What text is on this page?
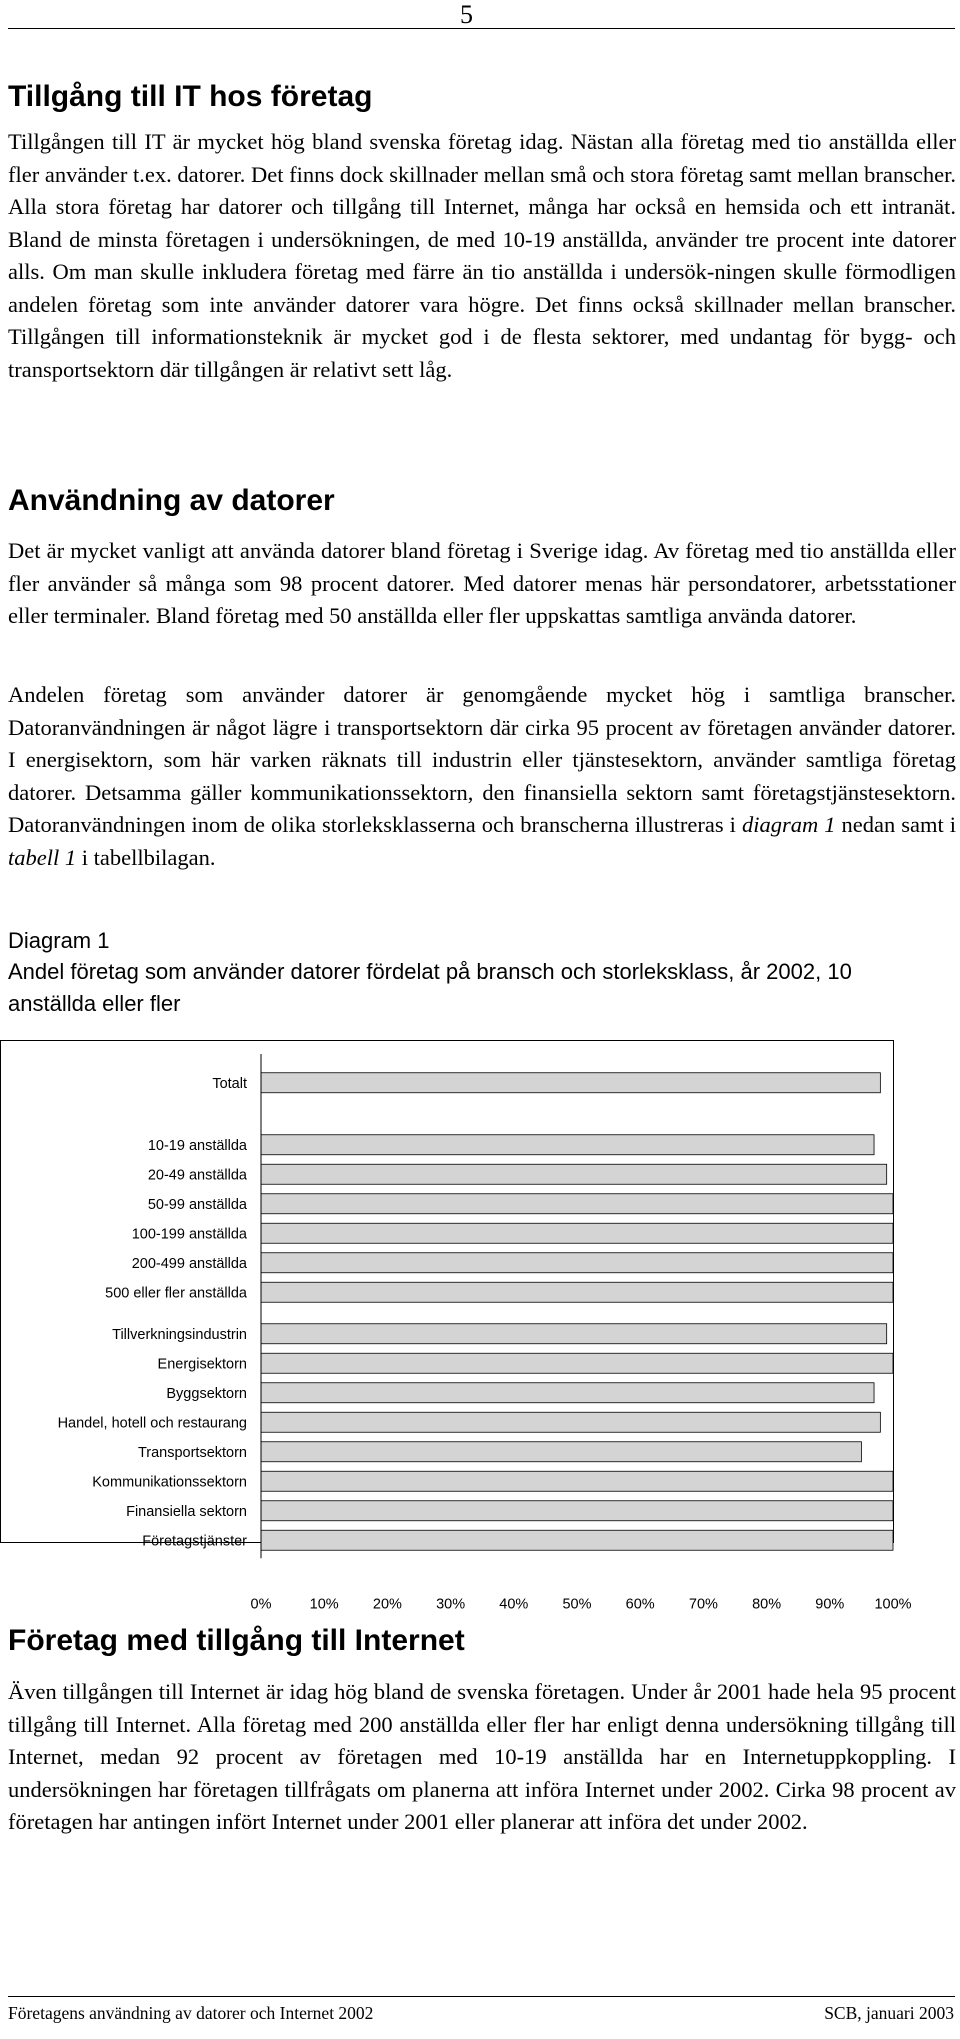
5
Tillgång till IT hos företag

Tillgången till IT är mycket hög bland svenska företag idag. Nästan alla företag med tio anställda eller fler använder t.ex. datorer. Det finns dock skillnader mellan små och stora företag samt mellan branscher. Alla stora företag har datorer och tillgång till Internet, många har också en hemsida och ett intranät. Bland de minsta företagen i undersökningen, de med 10-19 anställda, använder tre procent inte datorer alls. Om man skulle inkludera företag med färre än tio anställda i undersök-ningen skulle förmodligen andelen företag som inte använder datorer vara högre. Det finns också skillnader mellan branscher. Tillgången till informationsteknik är mycket god i de flesta sektorer, med undantag för bygg- och transportsektorn där tillgången är relativt sett låg.

Användning av datorer

Det är mycket vanligt att använda datorer bland företag i Sverige idag. Av företag med tio anställda eller fler använder så många som 98 procent datorer. Med datorer menas här persondatorer, arbetsstationer eller terminaler. Bland företag med 50 anställda eller fler uppskattas samtliga använda datorer.

Andelen företag som använder datorer är genomgående mycket hög i samtliga branscher. Datoranvändningen är något lägre i transportsektorn där cirka 95 procent av företagen använder datorer. I energisektorn, som här varken räknats till industrin eller tjänstesektorn, använder samtliga företag datorer. Detsamma gäller kommunikationssektorn, den finansiella sektorn samt företagstjänstesektorn. Datoranvändningen inom de olika storleksklasserna och branscherna illustreras i diagram 1 nedan samt i tabell 1 i tabellbilagan.

Diagram 1
Andel företag som använder datorer fördelat på bransch och storleksklass, år 2002, 10 anställda eller fler
Totalt
10-19 anställda
20-49 anställda
50-99 anställda
100-199 anställda
200-499 anställda
500 eller fler anställda
Tillverkningsindustrin
Energisektorn
Byggsektorn
Handel, hotell och restaurang
Transportsektorn
Kommunikationssektorn
Finansiella sektorn
Företagstjänster
0%	10% 20% 30% 40% 50% 60% 70% 80% 90% 100%
Företag med tillgång till Internet

Även tillgången till Internet är idag hög bland de svenska företagen. Under år 2001 hade hela 95 procent tillgång till Internet. Alla företag med 200 anställda eller fler har enligt denna undersökning tillgång till Internet, medan 92 procent av företagen med 10-19 anställda har en Internetuppkoppling. I undersökningen har företagen tillfrågats om planerna att införa Internet under 2002. Cirka 98 procent av företagen har antingen infört Internet under 2001 eller planerar att införa det under 2002.

Företagens användning av datorer och Internet 2002	SCB, januari 2003
